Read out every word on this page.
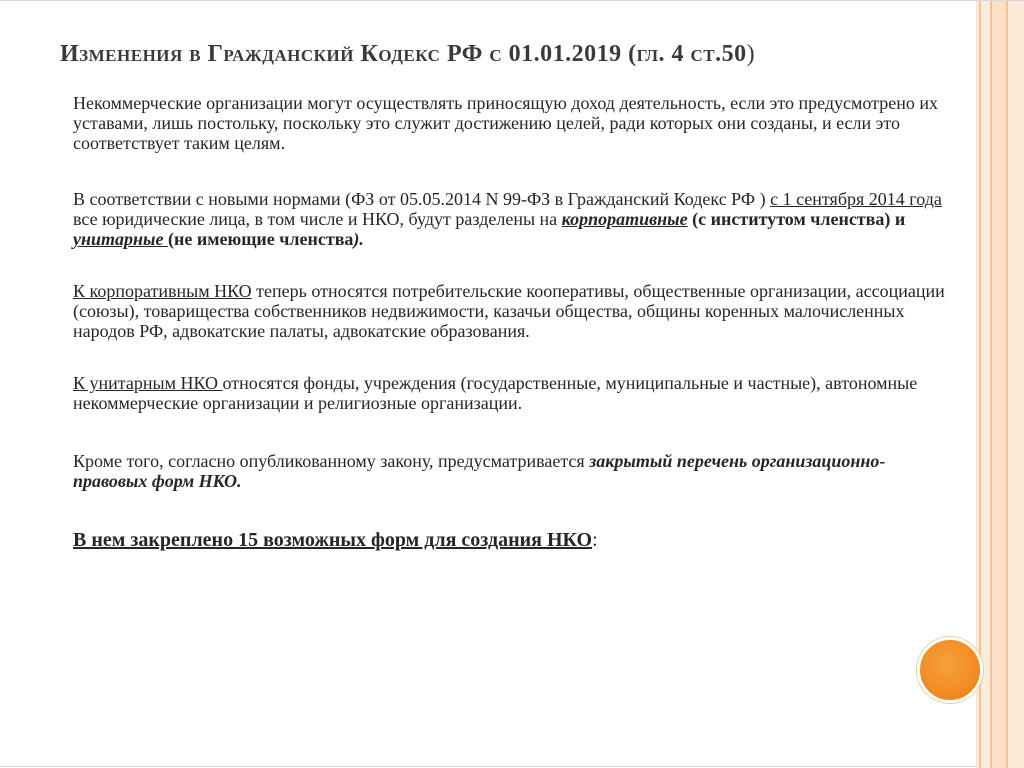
Изменения в Гражданский Кодекс РФ с 01.01.2019 (гл. 4 ст.50)

Некоммерческие организации могут осуществлять приносящую доход деятельность, если это предусмотрено их уставами, лишь постольку, поскольку это служит достижению целей, ради которых они созданы, и если это соответствует таким целям.

В соответствии с новыми нормами (ФЗ от 05.05.2014 N 99-ФЗ в Гражданский Кодекс РФ ) с 1 сентября 2014 года все юридические лица, в том числе и НКО, будут разделены на корпоративные (с институтом членства) и унитарные (не имеющие членства).

К корпоративным НКО теперь относятся потребительские кооперативы, общественные организации, ассоциации (союзы), товарищества собственников недвижимости, казачьи общества, общины коренных малочисленных народов РФ, адвокатские палаты, адвокатские образования.

К унитарным НКО относятся фонды, учреждения (государственные, муниципальные и частные), автономные некоммерческие организации и религиозные организации.

Кроме того, согласно опубликованному закону, предусматривается закрытый перечень организационно-правовых форм НКО.

В нем закреплено 15 возможных форм для создания НКО:
